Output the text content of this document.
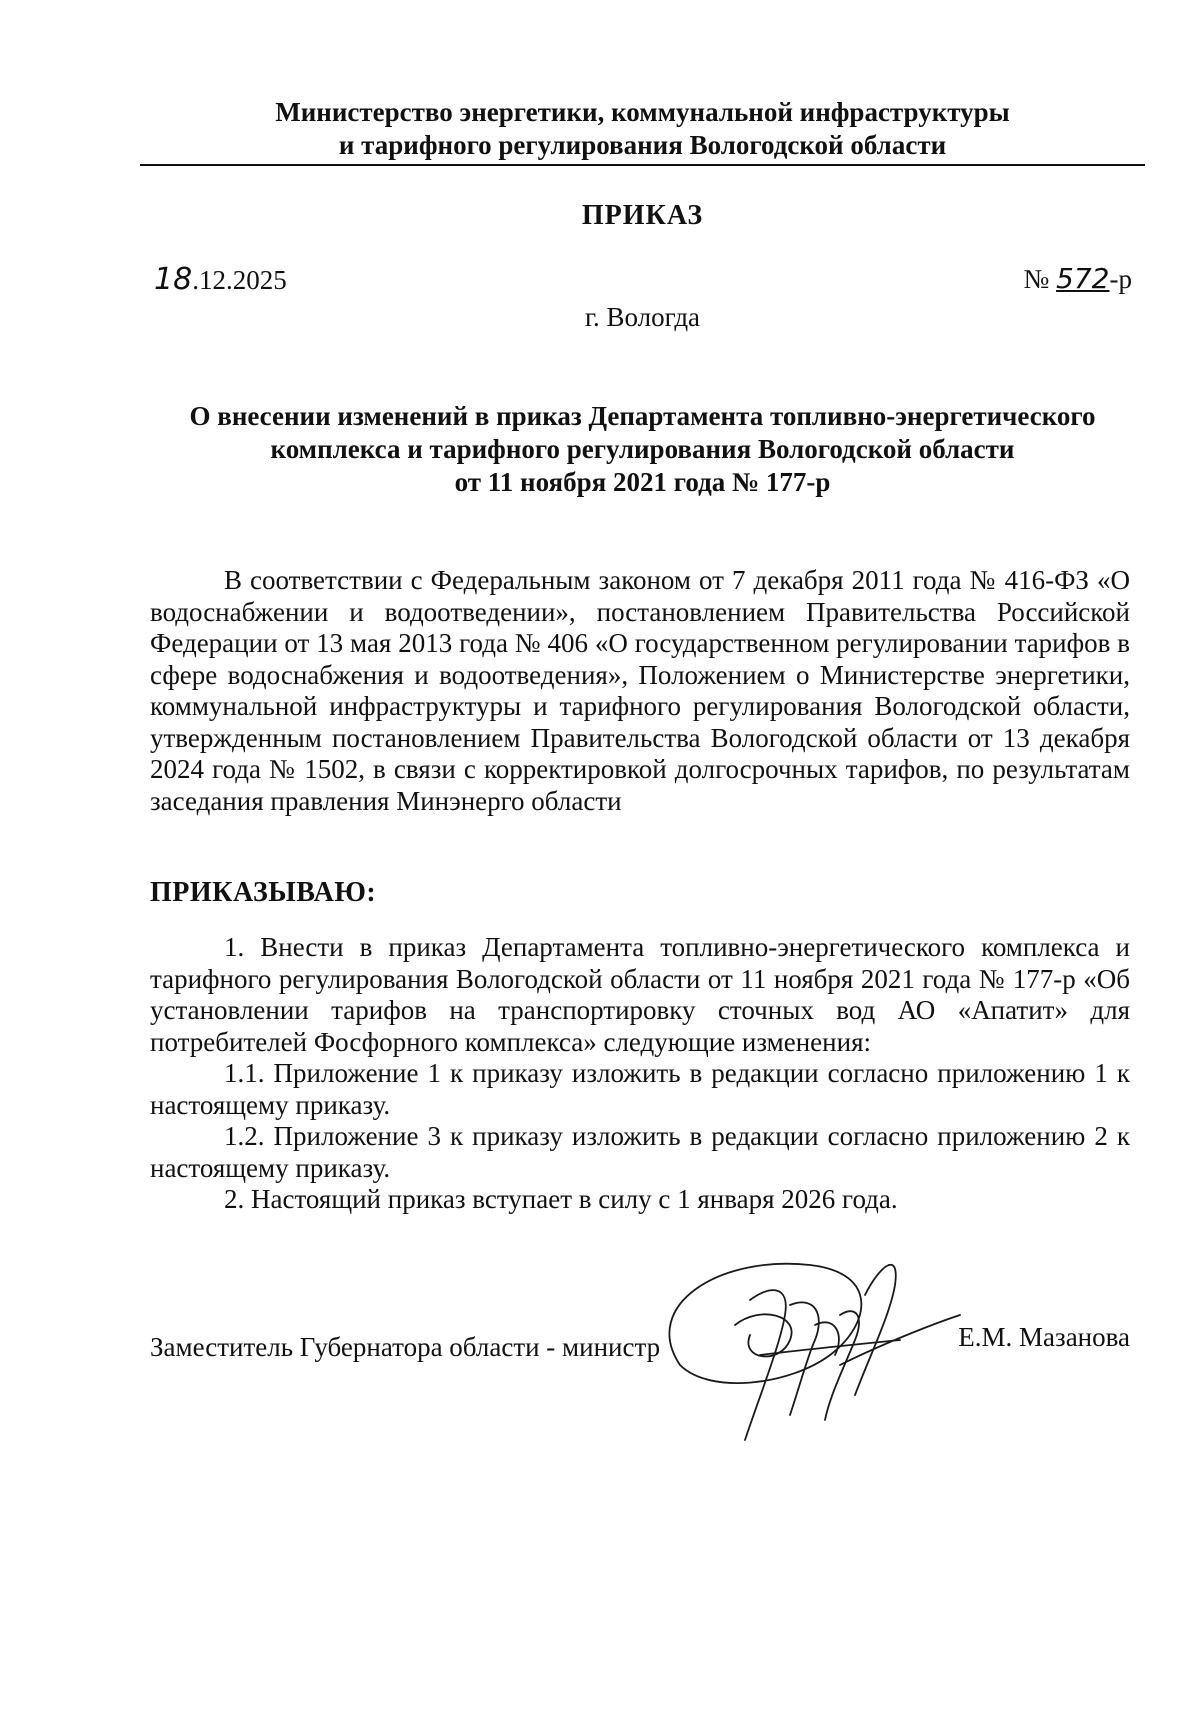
Министерство энергетики, коммунальной инфраструктуры
и тарифного регулирования Вологодской области
ПРИКАЗ
18.12.2025	№ 572-р
г. Вологда
О внесении изменений в приказ Департамента топливно-энергетического
комплекса и тарифного регулирования Вологодской области
от 11 ноября 2021 года № 177-р
В соответствии с Федеральным законом от 7 декабря 2011 года № 416-ФЗ «О водоснабжении и водоотведении», постановлением Правительства Российской Федерации от 13 мая 2013 года № 406 «О государственном регулировании тарифов в сфере водоснабжения и водоотведения», Положением о Министерстве энергетики, коммунальной инфраструктуры и тарифного регулирования Вологодской области, утвержденным постановлением Правительства Вологодской области от 13 декабря 2024 года № 1502, в связи с корректировкой долгосрочных тарифов, по результатам заседания правления Минэнерго области
ПРИКАЗЫВАЮ:

1. Внести в приказ Департамента топливно-энергетического комплекса и тарифного регулирования Вологодской области от 11 ноября 2021 года № 177-р «Об установлении тарифов на транспортировку сточных вод АО «Апатит» для потребителей Фосфорного комплекса» следующие изменения:

1.1. Приложение 1 к приказу изложить в редакции согласно приложению 1 к настоящему приказу.

1.2. Приложение 3 к приказу изложить в редакции согласно приложению 2 к настоящему приказу.

2. Настоящий приказ вступает в силу с 1 января 2026 года.

Заместитель Губернатора области - министр	Е.М. Мазанова
